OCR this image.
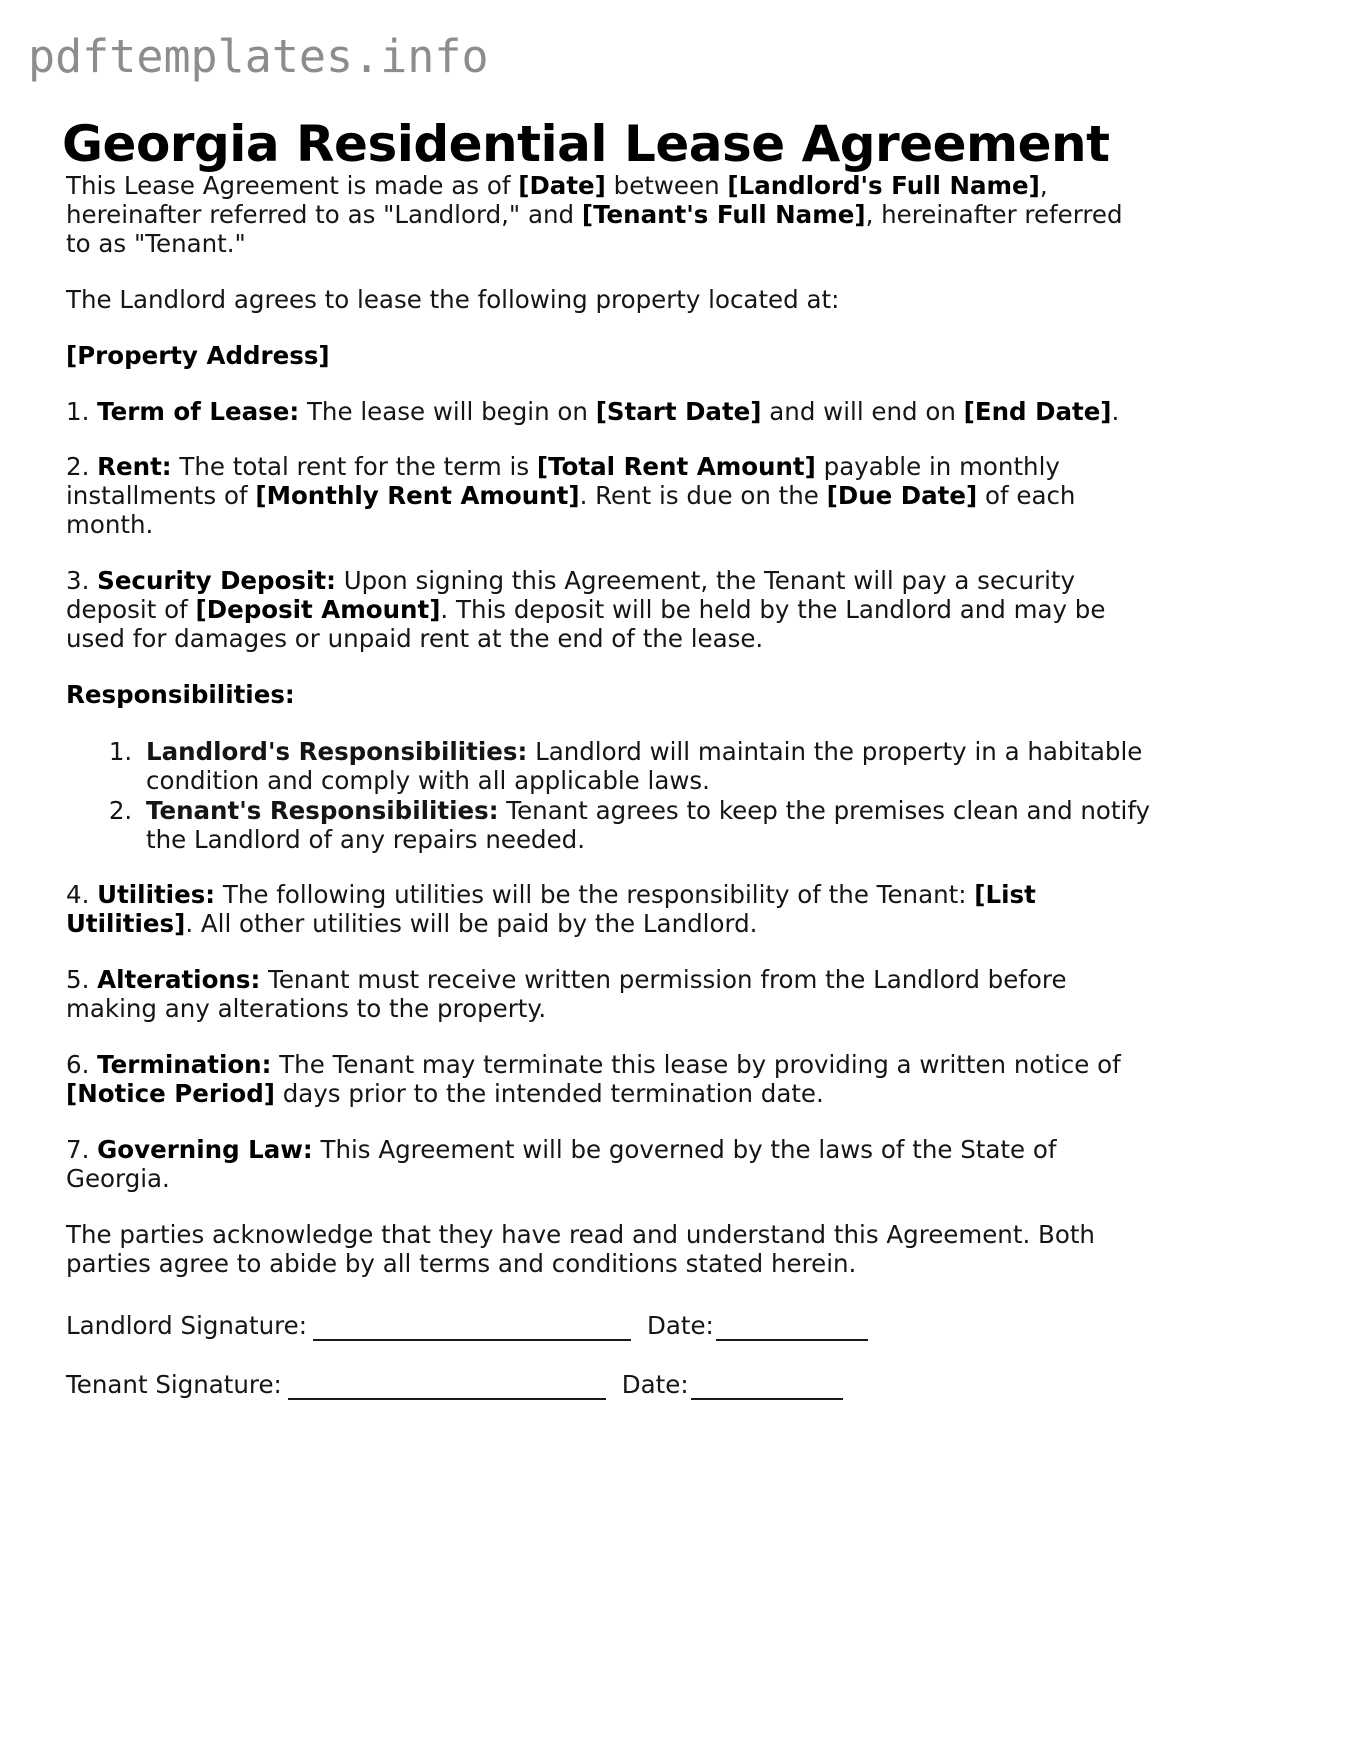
pdftemplates.info
Georgia Residential Lease Agreement

This Lease Agreement is made as of [Date] between [Landlord's Full Name], hereinafter referred to as "Landlord," and [Tenant's Full Name], hereinafter referred to as "Tenant."

The Landlord agrees to lease the following property located at:

[Property Address]

1. Term of Lease: The lease will begin on [Start Date] and will end on [End Date].

2. Rent: The total rent for the term is [Total Rent Amount] payable in monthly installments of [Monthly Rent Amount]. Rent is due on the [Due Date] of each month.

3. Security Deposit: Upon signing this Agreement, the Tenant will pay a security deposit of [Deposit Amount]. This deposit will be held by the Landlord and may be used for damages or unpaid rent at the end of the lease.

Responsibilities:

1. Landlord's Responsibilities: Landlord will maintain the property in a habitable condition and comply with all applicable laws.
2. Tenant's Responsibilities: Tenant agrees to keep the premises clean and notify the Landlord of any repairs needed.

4. Utilities: The following utilities will be the responsibility of the Tenant: [List Utilities]. All other utilities will be paid by the Landlord.

5. Alterations: Tenant must receive written permission from the Landlord before making any alterations to the property.

6. Termination: The Tenant may terminate this lease by providing a written notice of [Notice Period] days prior to the intended termination date.

7. Governing Law: This Agreement will be governed by the laws of the State of Georgia.

The parties acknowledge that they have read and understand this Agreement. Both parties agree to abide by all terms and conditions stated herein.

Landlord Signature:	Date:
Tenant Signature:	Date:
